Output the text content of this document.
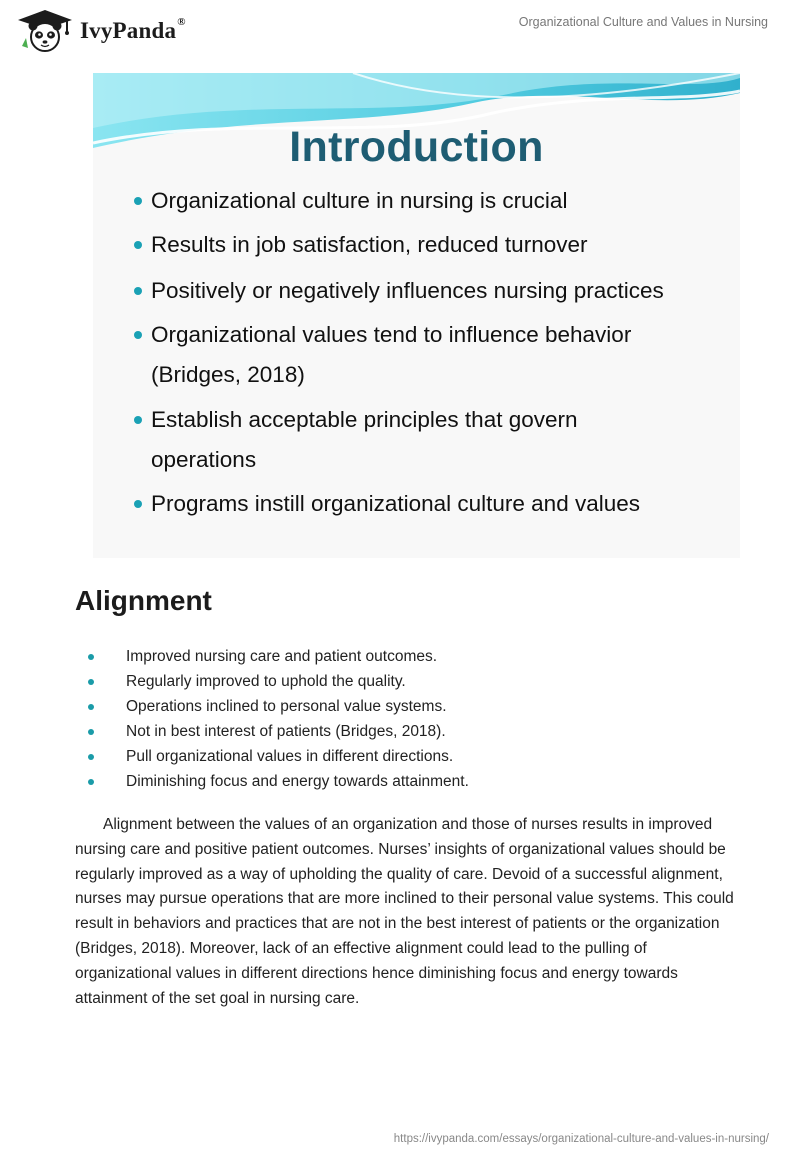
IvyPanda®	Organizational Culture and Values in Nursing
Introduction
Organizational culture in nursing is crucial
Results in job satisfaction, reduced turnover
Positively or negatively influences nursing practices
Organizational values tend to influence behavior (Bridges, 2018)
Establish acceptable principles that govern operations
Programs instill organizational culture and values
Alignment
Improved nursing care and patient outcomes.
Regularly improved to uphold the quality.
Operations inclined to personal value systems.
Not in best interest of patients (Bridges, 2018).
Pull organizational values in different directions.
Diminishing focus and energy towards attainment.

Alignment between the values of an organization and those of nurses results in improved nursing care and positive patient outcomes. Nurses’ insights of organizational values should be regularly improved as a way of upholding the quality of care. Devoid of a successful alignment, nurses may pursue operations that are more inclined to their personal value systems. This could result in behaviors and practices that are not in the best interest of patients or the organization (Bridges, 2018). Moreover, lack of an effective alignment could lead to the pulling of organizational values in different directions hence diminishing focus and energy towards attainment of the set goal in nursing care.

https://ivypanda.com/essays/organizational-culture-and-values-in-nursing/
